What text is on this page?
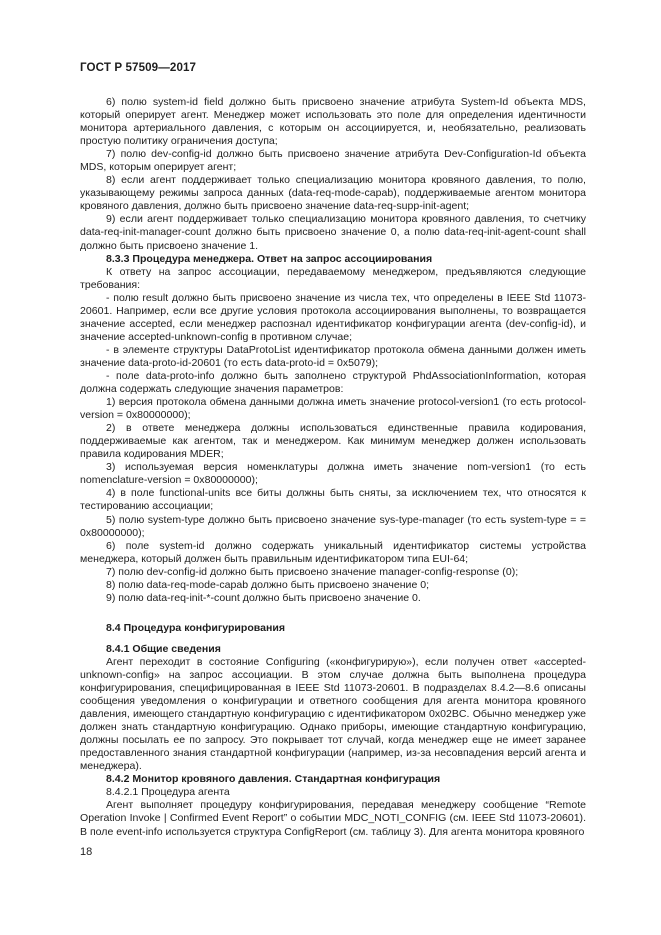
ГОСТ Р 57509—2017

6) полю system-id field должно быть присвоено значение атрибута System-Id объекта MDS, который оперирует агент. Менеджер может использовать это поле для определения идентичности монитора артериального давления, с которым он ассоциируется, и, необязательно, реализовать простую политику ограничения доступа;

7) полю dev-config-id должно быть присвоено значение атрибута Dev-Configuration-Id объекта MDS, которым оперирует агент;

8) если агент поддерживает только специализацию монитора кровяного давления, то полю, указывающему режимы запроса данных (data-req-mode-capab), поддерживаемые агентом монитора кровяного давления, должно быть присвоено значение data-req-supp-init-agent;

9) если агент поддерживает только специализацию монитора кровяного давления, то счетчику data-req-init-manager-count должно быть присвоено значение 0, а полю data-req-init-agent-count shall должно быть присвоено значение 1.

8.3.3 Процедура менеджера. Ответ на запрос ассоциирования

К ответу на запрос ассоциации, передаваемому менеджером, предъявляются следующие требования:

- полю result должно быть присвоено значение из числа тех, что определены в IEEE Std 11073-20601. Например, если все другие условия протокола ассоциирования выполнены, то возвращается значение accepted, если менеджер распознал идентификатор конфигурации агента (dev-config-id), и значение accepted-unknown-config в противном случае;

- в элементе структуры DataProtoList идентификатор протокола обмена данными должен иметь значение data-proto-id-20601 (то есть data-proto-id = 0x5079);

- поле data-proto-info должно быть заполнено структурой PhdAssociationInformation, которая должна содержать следующие значения параметров:

1) версия протокола обмена данными должна иметь значение protocol-version1 (то есть protocol-version = 0x80000000);

2) в ответе менеджера должны использоваться единственные правила кодирования, поддерживаемые как агентом, так и менеджером. Как минимум менеджер должен использовать правила кодирования MDER;

3) используемая версия номенклатуры должна иметь значение nom-version1 (то есть nomenclature-version = 0x80000000);

4) в поле functional-units все биты должны быть сняты, за исключением тех, что относятся к тестированию ассоциации;

5) полю system-type должно быть присвоено значение sys-type-manager (то есть system-type = = 0x80000000);

6) поле system-id должно содержать уникальный идентификатор системы устройства менеджера, который должен быть правильным идентификатором типа EUI-64;

7) полю dev-config-id должно быть присвоено значение manager-config-response (0);

8) полю data-req-mode-capab должно быть присвоено значение 0;

9) полю data-req-init-*-count должно быть присвоено значение 0.

8.4 Процедура конфигурирования
8.4.1 Общие сведения

Агент переходит в состояние Configuring («конфигурирую»), если получен ответ «accepted-unknown-config» на запрос ассоциации. В этом случае должна быть выполнена процедура конфигурирования, специфицированная в IEEE Std 11073-20601. В подразделах 8.4.2—8.6 описаны сообщения уведомления о конфигурации и ответного сообщения для агента монитора кровяного давления, имеющего стандартную конфигурацию с идентификатором 0x02BC. Обычно менеджер уже должен знать стандартную конфигурацию. Однако приборы, имеющие стандартную конфигурацию, должны посылать ее по запросу. Это покрывает тот случай, когда менеджер еще не имеет заранее предоставленного знания стандартной конфигурации (например, из-за несовпадения версий агента и менеджера).

8.4.2 Монитор кровяного давления. Стандартная конфигурация

8.4.2.1 Процедура агента

Агент выполняет процедуру конфигурирования, передавая менеджеру сообщение “Remote Operation Invoke | Confirmed Event Report” о событии MDC_NOTI_CONFIG (см. IEEE Std 11073-20601). В поле event-info используется структура ConfigReport (см. таблицу 3). Для агента монитора кровяного

18
